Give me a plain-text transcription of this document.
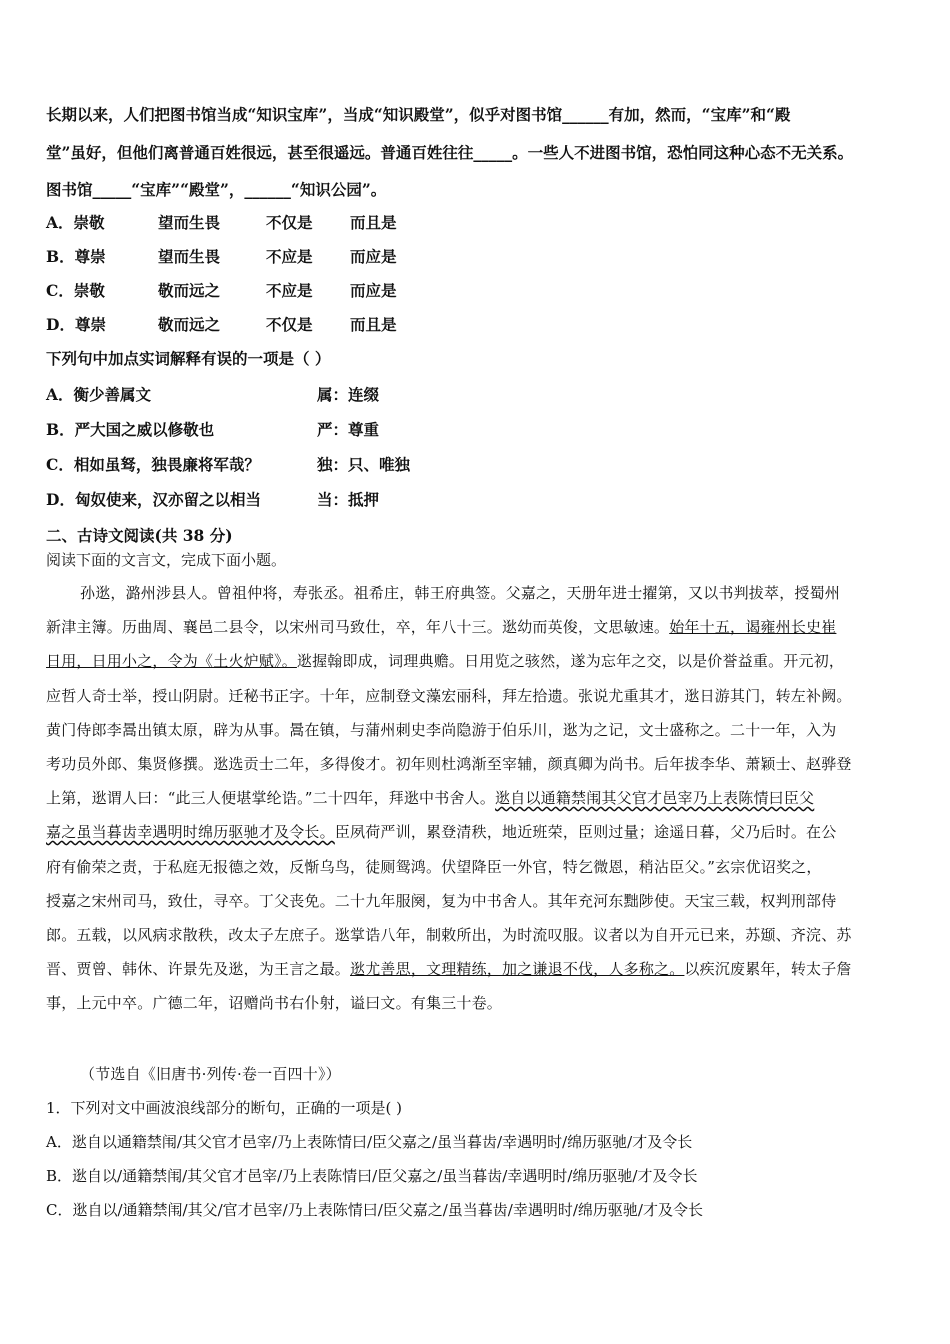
长期以来，人们把图书馆当成“知识宝库”，当成“知识殿堂”，似乎对图书馆______有加，然而，“宝库”和“殿
堂”虽好，但他们离普通百姓很远，甚至很遥远。普通百姓往往_____。一些人不进图书馆，恐怕同这种心态不无关系。
图书馆_____“宝库”“殿堂”，______“知识公园”。
A．崇敬	望而生畏	不仅是 而且是
B．尊崇	望而生畏	不应是 而应是
C．崇敬	敬而远之	不应是 而应是
D．尊崇	敬而远之	不仅是 而且是
下列句中加点实词解释有误的一项是（ ）
A．衡少善属文	属：连缀
B．严大国之威以修敬也	严：尊重
C．相如虽驽，独畏廉将军哉？	独：只、唯独
D．匈奴使来，汉亦留之以相当	当：抵押
二、古诗文阅读(共 38 分)
阅读下面的文言文，完成下面小题。
孙逖，潞州涉县人。曾祖仲将，寿张丞。祖希庄，韩王府典签。父嘉之，天册年进士擢第，又以书判拔萃，授蜀州
新津主簿。历曲周、襄邑二县令，以宋州司马致仕，卒，年八十三。逖幼而英俊，文思敏速。始年十五，谒雍州长史崔
日用，日用小之，令为《土火炉赋》。逖握翰即成，词理典赡。日用览之骇然，遂为忘年之交，以是价誉益重。开元初，
应哲人奇士举，授山阴尉。迁秘书正字。十年，应制登文藻宏丽科，拜左拾遗。张说尤重其才，逖日游其门，转左补阙。
黄门侍郎李暠出镇太原，辟为从事。暠在镇，与蒲州刺史李尚隐游于伯乐川，逖为之记，文士盛称之。二十一年，入为
考功员外郎、集贤修撰。逖选贡士二年，多得俊才。初年则杜鸿渐至宰辅，颜真卿为尚书。后年拔李华、萧颖士、赵骅登
上第，逖谓人曰：“此三人便堪掌纶诰。”二十四年，拜逖中书舍人。逖自以通籍禁闱其父官才邑宰乃上表陈情曰臣父
嘉之虽当暮齿幸遇明时绵历驱驰才及令长。臣夙荷严训，累登清秩，地近班荣，臣则过量；途遥日暮，父乃后时。在公
府有偷荣之责，于私庭无报德之效，反惭乌鸟，徒厕鸳鸿。伏望降臣一外官，特乞微恩，稍沾臣父。”玄宗优诏奖之，
授嘉之宋州司马，致仕，寻卒。丁父丧免。二十九年服阕，复为中书舍人。其年充河东黜陟使。天宝三载，权判刑部侍
郎。五载，以风病求散秩，改太子左庶子。逖掌诰八年，制敕所出，为时流叹服。议者以为自开元已来，苏颋、齐浣、苏
晋、贾曾、韩休、许景先及逖，为王言之最。逖尤善思，文理精练，加之谦退不伐，人多称之。以疾沉废累年，转太子詹
事，上元中卒。广德二年，诏赠尚书右仆射，谥曰文。有集三十卷。
（节选自《旧唐书·列传·卷一百四十》）
1．下列对文中画波浪线部分的断句，正确的一项是( )
A．逖自以通籍禁闱/其父官才邑宰/乃上表陈情曰/臣父嘉之/虽当暮齿/幸遇明时/绵历驱驰/才及令长
B．逖自以/通籍禁闱/其父官才邑宰/乃上表陈情曰/臣父嘉之/虽当暮齿/幸遇明时/绵历驱驰/才及令长
C．逖自以/通籍禁闱/其父/官才邑宰/乃上表陈情曰/臣父嘉之/虽当暮齿/幸遇明时/绵历驱驰/才及令长
